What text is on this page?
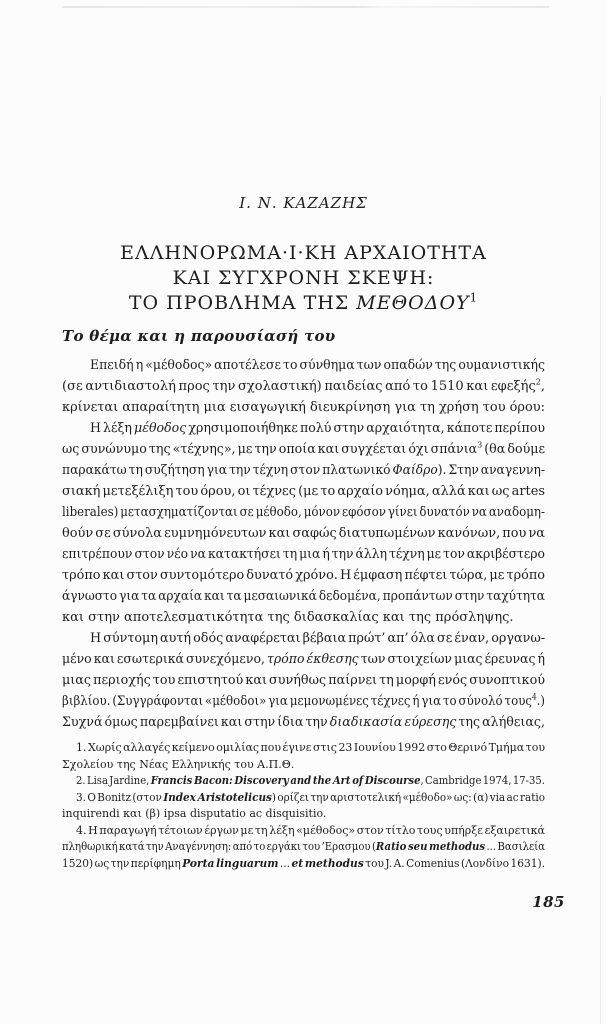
Ι. Ν. ΚΑΖΑΖΗΣ
ΕΛΛΗΝΟΡΩΜΑ·Ι·ΚΗ ΑΡΧΑΙΟΤΗΤΑ
ΚΑΙ ΣΥΓΧΡΟΝΗ ΣΚΕΨΗ:
ΤΟ ΠΡΟΒΛΗΜΑ ΤΗΣ ΜΕΘΟΔΟΥ$^1$
Το θέμα και η παρουσίασή του
Επειδή η «μέθοδος» αποτέλεσε το σύνθημα των οπαδών της ουμανιστικής
(σε αντιδιαστολή προς την σχολαστική) παιδείας από το 1510 και εφεξής$^2$,
κρίνεται απαραίτητη μια εισαγωγική διευκρίνηση για τη χρήση του όρου:
Η λέξη μέθοδος χρησιμοποιήθηκε πολύ στην αρχαιότητα, κάποτε περίπου
ως συνώνυμο της «τέχνης», με την οποία και συγχέεται όχι σπάνια$^3$ (θα δούμε
παρακάτω τη συζήτηση για την τέχνη στον πλατωνικό Φαίδρο). Στην αναγεννη-
σιακή μετεξέλιξη του όρου, οι τέχνες (με το αρχαίο νόημα, αλλά και ως artes
liberales) μετασχηματίζονται σε μέθοδο, μόνον εφόσον γίνει δυνατόν να αναδομη-
θούν σε σύνολα ευμνημόνευτων και σαφώς διατυπωμένων κανόνων, που να
επιτρέπουν στον νέο να κατακτήσει τη μια ή την άλλη τέχνη με τον ακριβέστερο
τρόπο και στον συντομότερο δυνατό χρόνο. Η έμφαση πέφτει τώρα, με τρόπο
άγνωστο για τα αρχαία και τα μεσαιωνικά δεδομένα, προπάντων στην ταχύτητα
και στην αποτελεσματικότητα της διδασκαλίας και της πρόσληψης.
Η σύντομη αυτή οδός αναφέρεται βέβαια πρώτ’ απ’ όλα σε έναν, οργανω-
μένο και εσωτερικά συνεχόμενο, τρόπο έκθεσης των στοιχείων μιας έρευνας ή
μιας περιοχής του επιστητού και συνήθως παίρνει τη μορφή ενός συνοπτικού
βιβλίου. (Συγγράφονται «μέθοδοι» για μεμονωμένες τέχνες ή για το σύνολό τους$^4$.)
Συχνά όμως παρεμβαίνει και στην ίδια την διαδικασία εύρεσης της αλήθειας,
1. Χωρίς αλλαγές κείμενο ομιλίας που έγινε στις 23 Ιουνίου 1992 στο Θερινό Τμήμα του
Σχολείου της Νέας Ελληνικής του Α.Π.Θ.
2. Lisa Jardine, Francis Bacon: Discovery and the Art of Discourse, Cambridge 1974, 17-35.
3. Ο Bonitz (στον Index Aristotelicus) ορίζει την αριστοτελική «μέθοδο» ως: (α) via ac ratio
inquirendi και (β) ipsa disputatio ac disquisitio.
4. Η παραγωγή τέτοιων έργων με τη λέξη «μέθοδος» στον τίτλο τους υπήρξε εξαιρετικά
πληθωρική κατά την Αναγέννηση: από το εργάκι του ’Ερασμου (Ratio seu methodus ... Βασιλεία
1520) ως την περίφημη Porta linguarum ... et methodus του J. A. Comenius (Λονδίνο 1631).
185
